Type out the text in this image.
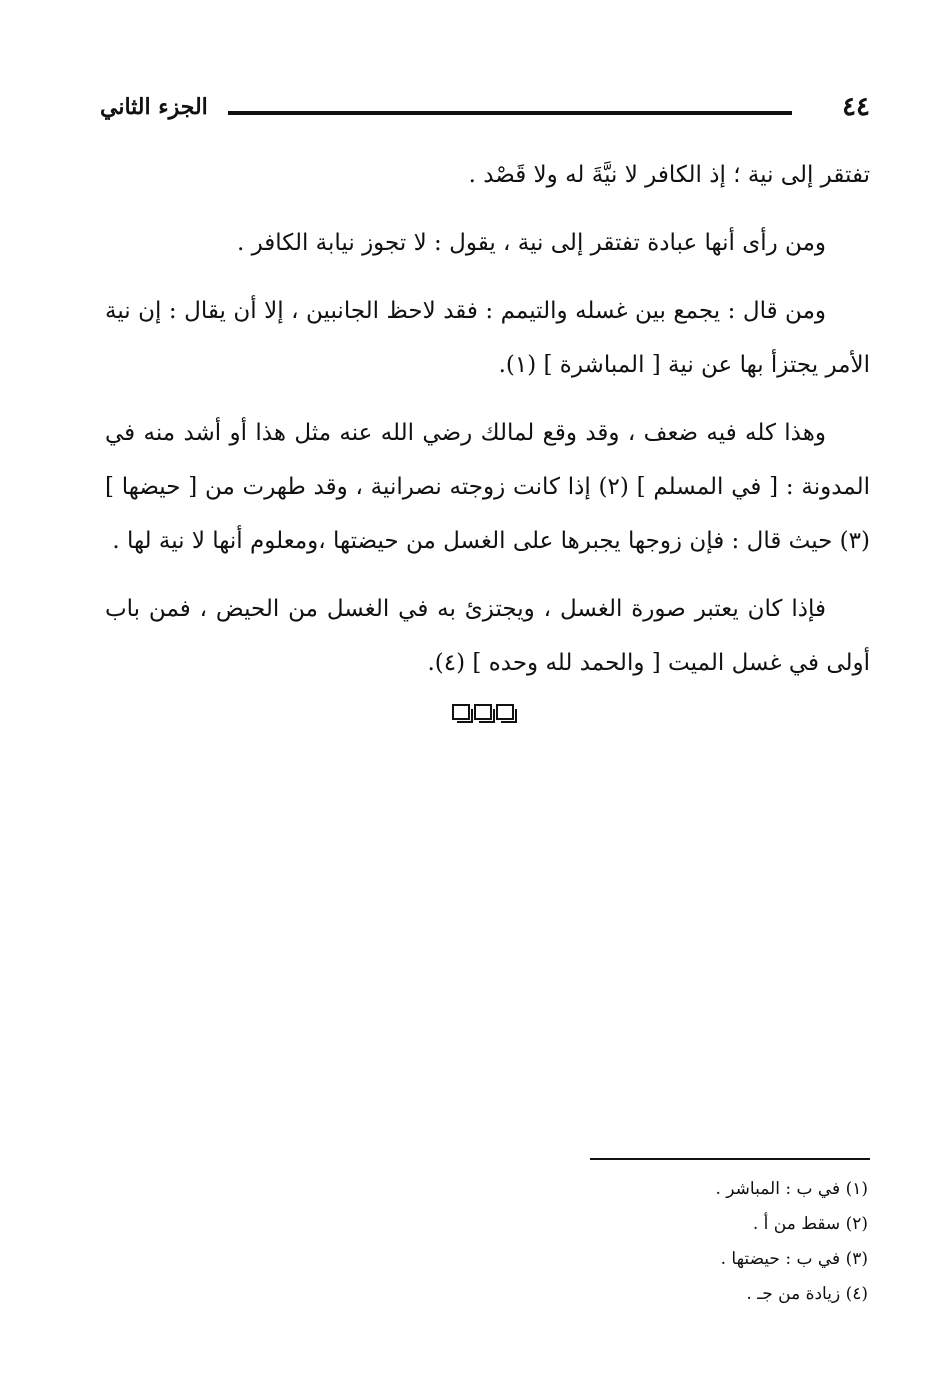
٤٤
الجزء الثاني

تفتقر إلى نية ؛ إذ الكافر لا نيَّةَ له ولا قَصْد .

ومن رأى أنها عبادة تفتقر إلى نية ، يقول : لا تجوز نيابة الكافر .

ومن قال : يجمع بين غسله والتيمم : فقد لاحظ الجانبين ، إلا أن يقال : إن نية الأمر يجتزأ بها عن نية [ المباشرة ] (١).

وهذا كله فيه ضعف ، وقد وقع لمالك رضي الله عنه مثل هذا أو أشد منه في المدونة : [ في المسلم ] (٢) إذا كانت زوجته نصرانية ، وقد طهرت من [ حيضها ] (٣) حيث قال : فإن زوجها يجبرها على الغسل من حيضتها ،ومعلوم أنها لا نية لها .

فإذا كان يعتبر صورة الغسل ، ويجتزئ به في الغسل من الحيض ، فمن باب أولى في غسل الميت [ والحمد لله وحده ] (٤).

(١) في ب : المباشر .

(٢) سقط من أ .

(٣) في ب : حيضتها .

(٤) زيادة من جـ .
